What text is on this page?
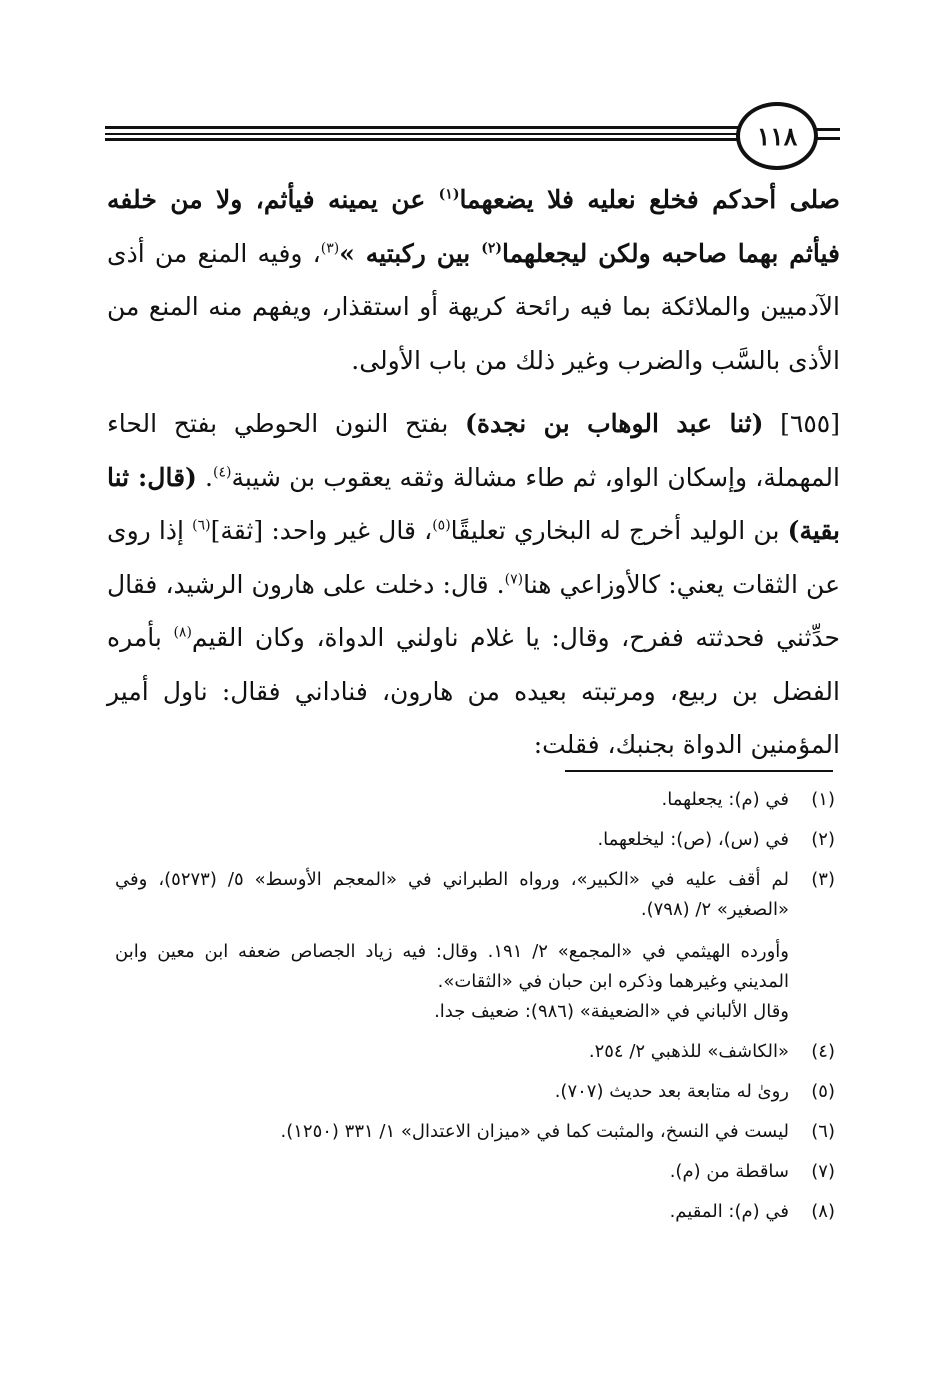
١١٨

صلى أحدكم فخلع نعليه فلا يضعهما$^{(١)}$ عن يمينه فيأثم، ولا من خلفه فيأثم بهما صاحبه ولكن ليجعلهما$^{(٢)}$ بين ركبتيه »$^{(٣)}$، وفيه المنع من أذى الآدميين والملائكة بما فيه رائحة كريهة أو استقذار، ويفهم منه المنع من الأذى بالسَّب والضرب وغير ذلك من باب الأولى.

[٦٥٥] (ثنا عبد الوهاب بن نجدة) بفتح النون الحوطي بفتح الحاء المهملة، وإسكان الواو، ثم طاء مشالة وثقه يعقوب بن شيبة$^{(٤)}$. (قال: ثنا بقية) بن الوليد أخرج له البخاري تعليقًا$^{(٥)}$، قال غير واحد: [ثقة]$^{(٦)}$ إذا روى عن الثقات يعني: كالأوزاعي هنا$^{(٧)}$. قال: دخلت على هارون الرشيد، فقال حدِّثني فحدثته ففرح، وقال: يا غلام ناولني الدواة، وكان القيم$^{(٨)}$ بأمره الفضل بن ربيع، ومرتبته بعيده من هارون، فناداني فقال: ناول أمير المؤمنين الدواة بجنبك، فقلت:

(١)
في (م): يجعلهما.
(٢)
في (س)، (ص): ليخلعهما.
(٣)
لم أقف عليه في «الكبير»، ورواه الطبراني في «المعجم الأوسط» ٥/ (٥٢٧٣)، وفي «الصغير» ٢/ (٧٩٨).
وأورده الهيثمي في «المجمع» ٢/ ١٩١. وقال: فيه زياد الجصاص ضعفه ابن معين وابن المديني وغيرهما وذكره ابن حبان في «الثقات».
وقال الألباني في «الضعيفة» (٩٨٦): ضعيف جدا.
(٤)
«الكاشف» للذهبي ٢/ ٢٥٤.
(٥)
روىٰ له متابعة بعد حديث (٧٠٧).
(٦)
ليست في النسخ، والمثبت كما في «ميزان الاعتدال» ١/ ٣٣١ (١٢٥٠).
(٧)
ساقطة من (م).
(٨)
في (م): المقيم.
